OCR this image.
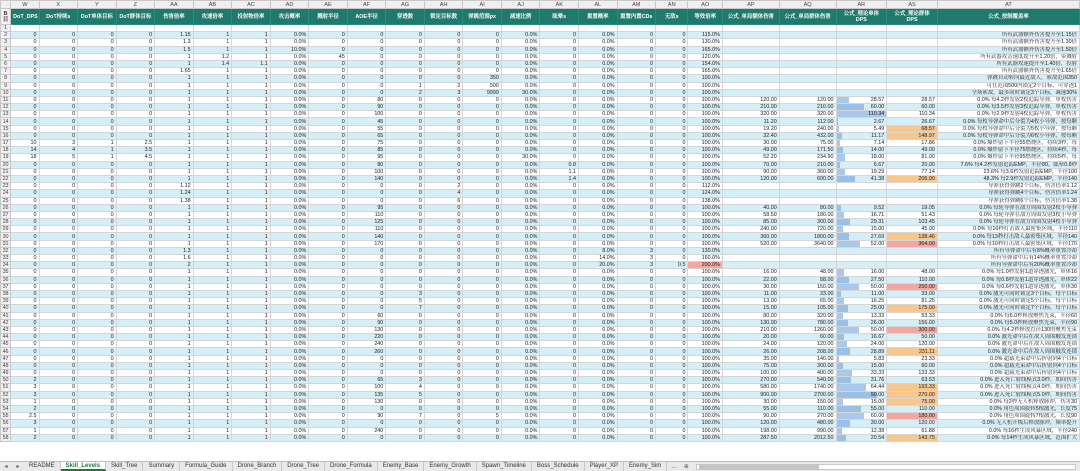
	W	X	Y	Z	AA	AB	AC	AD	AE	AF	AG	AH	AI	AJ	AK	AL	AM	AN	AO	AP	AQ	AR	AS	AT
B目	DoT_DPS	DoT持续s	DoT单体目标	DoT群体目标	伤害倍率	攻速倍率	投射物倍率	攻击概率	溅射半径	AOE半径	穿透数	锁定目标数	弹跳范围px	减速比例	眩晕s	重置概率	重置内置CDs	无敌s	等效倍率	公式_单局额体伤害	公式_单局群体伤害	公式_理论单体DPS	公式_理论群体DPS	公式_按制覆盖率
1																								
2	0	0	0	0	1.15	1	1	0.0%	0	0	0	0	0	0.0%	0	0.0%	0	0	115.0%					所有武器额外伤害提升至1.15倍
3	0	0	0	0	1.3	1	1	0.0%	0	0	0	0	0	0.0%	0	0.0%	0	0	130.0%					所有武器额外伤害提升至1.30倍
4	0	0	0	0	1.5	1	1	10.0%	0	0	0	0	0	0.0%	0	0.0%	0	0	165.0%					所有武器额外伤害提升至1.50倍
5	0	0	0	0	1	1.2	1	0.0%	45	0	0	0	0	0.0%	0	0.0%	0	0	120.0%					所有武器攻击速度提升至1.20倍，带溅射
6	0	0	0	0	1	1.4	1.1	0.0%	0	0	0	0	0	0.0%	0	0.0%	0	0	154.0%					所有武器攻速提升至1.40倍，投射
7	0	0	0	0	1.65	1	1	0.0%	0	0	0	0	0	0.0%	0	0.0%	0	0	165.0%					所有武器额外伤害提升至1.65倍
8	0	0	0	0	1	1	1	0.0%	0	0	0	0	350	0.0%	0	0.0%	0	0	100.0%					弹跳自动转向最近敌人，索敌范围350
9	0	0	0	0	1	1	1	0.0%	0	0	1	2	500	0.0%	0	0.0%	0	0	100.0%					可在范围500内锁定2个目标，可穿透1
10	0	0	0	0	1	1	1	0.0%	0	0	2	3	9999	30.0%	0	0.0%	0	0	100.0%					全场索敌，最多同时锁定3个目标，减速30%
11	0	0	0	0	1	1	1	0.0%	0	80	0	0	0	0.0%	0	0.0%	0	0	100.0%	120.00	120.00	28.57	28.57	0.0% 每4.2秒发射2枚追踪导弹，单枚伤害
12	0	0	0	0	1	1	1	0.0%	0	90	0	0	0	0.0%	0	0.0%	0	0	100.0%	210.00	210.00	60.00	60.00	0.0% 每3.5秒发射3枚追踪导弹，单枚伤害
13	0	0	0	0	1	1	1	0.0%	0	100	0	0	0	0.0%	0	0.0%	0	0	100.0%	320.00	320.00	110.34	110.34	0.0% 每2.9秒发射4枚追踪导弹，单枚伤害
14	0	0	0	0	1	1	1	0.0%	0	45	0	0	0	0.0%	0	0.0%	0	0	100.0%	11.20	112.00	2.67	26.67	0.0% 每枚导弹命中后分裂为4枚小导弹，按每颗
15	0	0	0	0	1	1	1	0.0%	0	55	0	0	0	0.0%	0	0.0%	0	0	100.0%	19.20	240.00	5.49	68.57	0.0% 每枚导弹命中后分裂为5枚小导弹，按每颗
16	0	0	0	0	1	1	1	0.0%	0	65	0	0	0	0.0%	0	0.0%	0	0	100.0%	32.40	432.00	11.17	148.97	0.0% 每枚导弹命中后分裂为6枚小导弹，按每颗
17	10	3	1	2.5	1	1	1	0.0%	0	75	0	0	0	0.0%	0	0.0%	0	0	100.0%	30.00	75.00	7.14	17.86	0.0% 爆炸留下半径55燃烧区，持续3秒，每
18	14	4	1	3.5	1	1	1	0.0%	0	85	0	0	0	0.0%	0	0.0%	0	0	100.0%	49.00	171.50	14.00	49.00	0.0% 爆炸留下半径75燃烧区，持续4秒，每
19	18	5	1	4.5	1	1	1	0.0%	0	95	0	0	0	30.0%	0	0.0%	0	0	100.0%	52.20	234.90	18.00	81.00	0.0% 爆炸留下半径95燃烧区，持续5秒，每
20	0	0	0	0	1	1	1	0.0%	0	80	0	0	0	0.0%	0.8	0.0%	0	0	100.0%	70.00	210.00	6.67	20.00	7.6% 每4.2秒发射追踪EMP，半径80，眩晕0.8秒
21	0	0	0	0	1	1	1	0.0%	0	100	0	0	0	0.0%	1.1	0.0%	0	0	100.0%	90.00	360.00	19.29	77.14	23.6% 每3.6秒发射追踪EMP，半径100
22	0	0	0	0	1	1	1	0.0%	0	140	0	0	0	0.0%	1.4	0.0%	0	0	100.0%	120.00	600.00	41.38	206.90	48.3% 每2.9秒发射追踪EMP，半径140
23	0	0	0	0	1.12	1	1	0.0%	0	0	0	2	0	0.0%	0	0.0%	0	0	112.0%					导弹获得弹跳2个目标，伤害倍率1.12
24	0	0	0	0	1.24	1	1	0.0%	0	0	0	4	0	0.0%	0	0.0%	0	0	124.0%					导弹获得弹跳4个目标，伤害倍率1.24
25	0	0	0	0	1.38	1	1	0.0%	0	0	0	6	0	0.0%	0	0.0%	0	0	138.0%					导弹获得弹跳6个目标，伤害倍率1.38
26	0	0	0	0	1	1	1	0.0%	0	95	0	0	0	0.0%	0	0.0%	0	0	100.0%	40.00	80.00	9.52	19.05	0.0% 每轮导弹在敌方周围发射2枚小导弹
27	0	0	0	0	1	1	1	0.0%	0	110	0	0	0	0.0%	0	0.0%	0	0	100.0%	58.50	180.00	16.71	51.43	0.0% 每轮导弹在敌方周围发射3枚小导弹
28	0	0	0	0	1	1	1	0.0%	0	125	0	0	0	0.0%	0	0.0%	0	0	100.0%	85.00	300.00	29.31	103.45	0.0% 每轮导弹在敌方周围发射4枚小导弹
29	0	0	0	0	1	1	1	0.0%	0	110	0	0	0	0.0%	0	0.0%	0	0	100.0%	240.00	720.00	15.00	45.00	0.0% 每16秒打击敌人最密集区域，半径110
30	0	0	0	0	1	1	1	0.0%	0	140	0	0	0	0.0%	0	0.0%	0	0	100.0%	360.00	1800.00	27.69	138.46	0.0% 每13秒打击敌人最密集区域，半径140
31	0	0	0	0	1	1	1	0.0%	0	170	0	0	0	0.0%	0	0.0%	0	0	100.0%	520.00	3640.00	52.00	364.00	0.0% 每10秒打击敌人最密集区域，半径170
32	0	0	0	0	1.3	1	1	0.0%	0	0	0	0	0	0.0%	0	8.0%	3	0	130.0%					所有导弹命中后有8%概率重置冷却
33	0	0	0	0	1.6	1	1	0.0%	0	0	0	0	0	0.0%	0	14.0%	3	0	160.0%					所有导弹命中后有14%概率重置冷却
34	0	0	0	0	2	1	1	0.0%	0	0	0	0	0	0.0%	0	20.0%	3	0.5	200.0%					所有导弹命中后有20%概率重置冷却
35	0	0	0	0	1	1	1	0.0%	0	0	0	0	0	0.0%	0	0.0%	0	0	100.0%	16.00	48.00	16.00	48.00	0.0% 每1.0秒发射1道穿透激光，单体16
36	0	0	0	0	1	1	1	0.0%	0	0	0	0	0	0.0%	0	0.0%	0	0	100.0%	22.00	88.00	27.50	110.00	0.0% 每0.8秒发射1道穿透激光，单体22
37	0	0	0	0	1	1	1	0.0%	0	0	0	0	0	0.0%	0	0.0%	0	0	100.0%	30.00	150.00	50.00	250.00	0.0% 每0.6秒发射1道穿透激光，单体30
38	0	0	0	0	1	1	1	0.0%	0	0	3	0	0	0.0%	0	0.0%	0	0	100.0%	11.00	33.00	11.00	33.00	0.0% 激光可同时锁定3个目标，每个目标
39	0	0	0	0	1	1	1	0.0%	0	0	5	0	0	0.0%	0	0.0%	0	0	100.0%	13.00	65.00	16.25	81.25	0.0% 激光可同时锁定5个目标，每个目标
40	0	0	0	0	1	1	1	0.0%	0	0	7	0	0	0.0%	0	0.0%	0	0	100.0%	15.00	105.00	25.00	175.00	0.0% 激光可同时锁定7个目标，每个目标
41	0	0	0	0	1	1	1	0.0%	0	60	0	0	0	0.0%	0	0.0%	0	0	100.0%	80.00	320.00	13.33	53.33	0.0% 每6.0秒释放聚焦光束，半径60
42	0	0	0	0	1	1	1	0.0%	0	90	0	0	0	0.0%	0	0.0%	0	0	100.0%	130.00	780.00	26.00	156.00	0.0% 每5.0秒释放聚焦光束，半径90
43	0	0	0	0	1	1	1	0.0%	0	130	0	0	0	0.0%	0	0.0%	0	0	100.0%	210.00	1260.00	50.00	300.00	0.0% 每4.2秒释放直径130的聚焦光束
44	0	0	0	0	1	1	1	0.0%	0	220	0	0	0	0.0%	0	0.0%	0	0	100.0%	20.00	60.00	16.67	50.00	0.0% 激光命中后在敌人周围触发连锁
45	0	0	0	0	1	1	1	0.0%	0	240	0	0	0	0.0%	0	0.0%	0	0	100.0%	24.00	120.00	24.00	120.00	0.0% 激光命中后在敌人周围触发连锁
46	0	0	0	0	1	1	1	0.0%	0	260	0	0	0	0.0%	0	0.0%	0	0	100.0%	26.00	208.00	28.89	231.11	0.0% 激光命中后在敌人周围触发连锁
47	0	0	0	0	1	1	1	0.0%	0	0	0	0	0	0.0%	0	0.0%	0	0	100.0%	35.00	140.00	5.83	23.33	0.0% 超载光束命中后折射到4个目标
48	0	0	0	0	1	1	1	0.0%	0	0	0	0	0	0.0%	0	0.0%	0	0	100.0%	75.00	300.00	15.00	60.00	0.0% 超载光束命中后折射到4个目标
49	0	0	0	0	1	1	1	0.0%	0	0	0	0	0	0.0%	0	0.0%	0	0	100.0%	100.00	400.00	33.33	133.33	0.0% 超载光束命中后折射到4个目标
50	2	0	0	0	1	1	1	0.0%	0	65	3	0	0	0.0%	0	0.0%	0	0	100.0%	270.00	540.00	31.76	63.53	0.0% 进入死亡射线模式3.0秒，期间伤害
51	3	0	0	0	1	1	1	0.0%	0	100	4	0	0	0.0%	0	0.0%	0	0	100.0%	580.00	1740.00	64.44	193.33	0.0% 进入死亡射线模式4.0秒，期间伤害
52	3	0	0	0	1	1	1	0.0%	0	135	5	0	0	0.0%	0	0.0%	0	0	100.0%	900.00	2700.00	90.00	270.00	0.0% 进入死亡射线模式5.0秒，期间伤害
53	1	0	0	0	1	1	1	0.0%	0	130	0	0	0	0.0%	0	0.0%	0	0	100.0%	30.00	150.00	15.00	75.00	0.0% 每2秒无人机释放脉冲，伤害30
54	2	0	0	0	1	1	1	0.0%	0	0	0	0	0	0.0%	0	0.0%	0	0	100.0%	55.00	110.00	55.00	110.00	0.0% 角色周围旋转5根激光，长度75
55	2.5	0	0	0	1	1	1	0.0%	0	90	7	0	5	0.0%	0	0.0%	0	0	100.0%	90.00	270.00	60.00	180.00	0.0% 角色周围旋转7根激光，长度90
56	3	0	0	0	1	1	1	0.0%	0	0	0	0	0	0.0%	0	0.0%	0	0	100.0%	120.00	480.00	30.00	120.00	0.0% 无人机升级后释放脉冲，频率提升
57	1	0	0	0	1	1	1	0.0%	0	240	0	0	0	0.0%	0	0.0%	0	0	100.0%	198.00	990.00	12.38	61.88	0.0% 每16秒生成风暴区域，半径240
58	2	0	0	0	1	1	1	0.0%	0	0	0	0	0	0.0%	0	0.0%	0	0	100.0%	287.50	2012.50	20.54	143.75	0.0% 每14秒生成风暴区域，范围扩大
◂	▸	README	Skill_Levels	Skill_Tree	Summary	Formula_Guide	Drone_Branch	Drone_Tree	Drone_Formula	Enemy_Base	Enemy_Growth	Spawn_Timeline	Boss_Schedule	Player_XP	Enemy_Sim	...	⊕
